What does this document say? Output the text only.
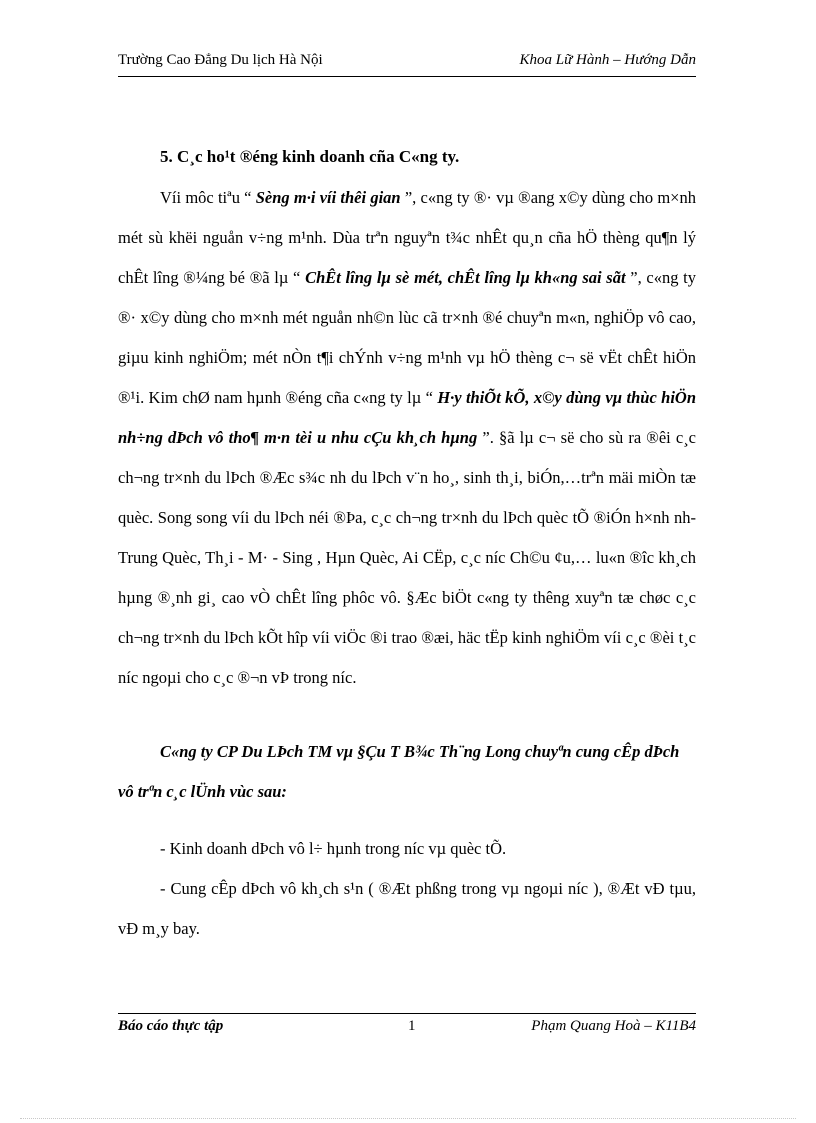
Trường Cao Đẳng Du lịch Hà Nội	Khoa Lữ Hành – Hướng Dẫn
5. C¸c ho¹t ®éng kinh doanh cña C«ng ty.

Víi môc tiªu “ Sèng m·i víi thêi gian ”, c«ng ty ®· vµ ®ang x©y dùng cho m×nh mét sù khëi nguån v÷ng m¹nh. Dùa trªn nguyªn t¾c nhÊt qu¸n cña hÖ thèng qu¶n lý chÊt lîng ®¼ng bé ®ã lµ “ ChÊt lîng lµ sè mét, chÊt lîng lµ kh«ng sai sãt ”, c«ng ty ®· x©y dùng cho m×nh mét nguån nh©n lùc cã tr×nh ®é chuyªn m«n, nghiÖp vô cao, giµu kinh nghiÖm; mét nÒn t¶i chÝnh v÷ng m¹nh vµ hÖ thèng c¬ së vËt chÊt hiÖn ®¹i. Kim chØ nam hµnh ®éng cña c«ng ty lµ “ H·y thiÕt kÕ, x©y dùng vµ thùc hiÖn nh÷ng dÞch vô tho¶ m·n tèi u nhu cÇu kh¸ch hµng ”. §ã lµ c¬ së cho sù ra ®êi c¸c ch¬ng tr×nh du lÞch ®Æc s¾c nh du lÞch v¨n ho¸, sinh th¸i, biÓn,…trªn mäi miÒn tæ quèc. Song song víi du lÞch néi ®Þa, c¸c ch¬ng tr×nh du lÞch quèc tÕ ®iÓn h×nh nh Trung Quèc, Th¸i - M· - Sing , Hµn Quèc, Ai CËp, c¸c níc Ch©u ¢u,… lu«n ®îc kh¸ch hµng ®¸nh gi¸ cao vÒ chÊt lîng phôc vô. §Æc biÖt c«ng ty thêng xuyªn tæ chøc c¸c ch¬ng tr×nh du lÞch kÕt hîp víi viÖc ®i trao ®æi, häc tËp kinh nghiÖm víi c¸c ®èi t¸c níc ngoµi cho c¸c ®¬n vÞ trong níc.

C«ng ty CP Du LÞch TM vµ §Çu T B¾c Th¨ng Long chuyªn cung cÊp dÞch vô trªn c¸c lÜnh vùc sau:

- Kinh doanh dÞch vô l÷ hµnh trong níc vµ quèc tÕ.

- Cung cÊp dÞch vô kh¸ch s¹n ( ®Æt phßng trong vµ ngoµi níc ), ®Æt vÐ tµu, vÐ m¸y bay.

Báo cáo thực tập	1	Phạm Quang Hoà – K11B4
